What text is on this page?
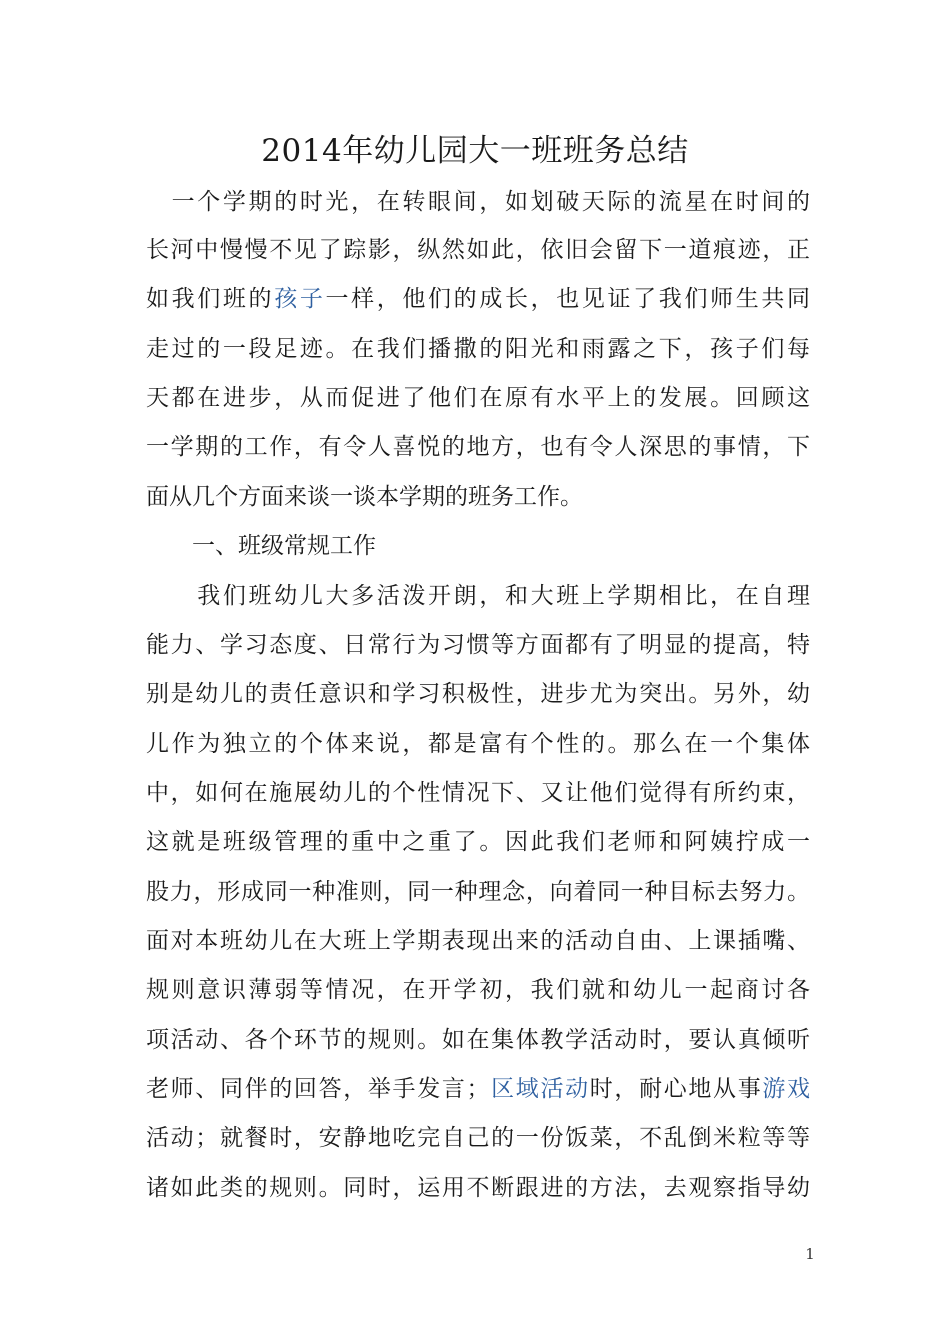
2014年幼儿园大一班班务总结
　一个学期的时光，在转眼间，如划破天际的流星在时间的
长河中慢慢不见了踪影，纵然如此，依旧会留下一道痕迹，正
如我们班的孩子一样，他们的成长，也见证了我们师生共同
走过的一段足迹。在我们播撒的阳光和雨露之下，孩子们每
天都在进步，从而促进了他们在原有水平上的发展。回顾这
一学期的工作，有令人喜悦的地方，也有令人深思的事情，下
面从几个方面来谈一谈本学期的班务工作。
　　一、班级常规工作
　　我们班幼儿大多活泼开朗，和大班上学期相比，在自理
能力、学习态度、日常行为习惯等方面都有了明显的提高，特
别是幼儿的责任意识和学习积极性，进步尤为突出。另外，幼
儿作为独立的个体来说，都是富有个性的。那么在一个集体
中，如何在施展幼儿的个性情况下、又让他们觉得有所约束，
这就是班级管理的重中之重了。因此我们老师和阿姨拧成一
股力，形成同一种准则，同一种理念，向着同一种目标去努力。
面对本班幼儿在大班上学期表现出来的活动自由、上课插嘴、
规则意识薄弱等情况，在开学初，我们就和幼儿一起商讨各
项活动、各个环节的规则。如在集体教学活动时，要认真倾听
老师、同伴的回答，举手发言；区域活动时，耐心地从事游戏
活动；就餐时，安静地吃完自己的一份饭菜，不乱倒米粒等等
诸如此类的规则。同时，运用不断跟进的方法，去观察指导幼
1
